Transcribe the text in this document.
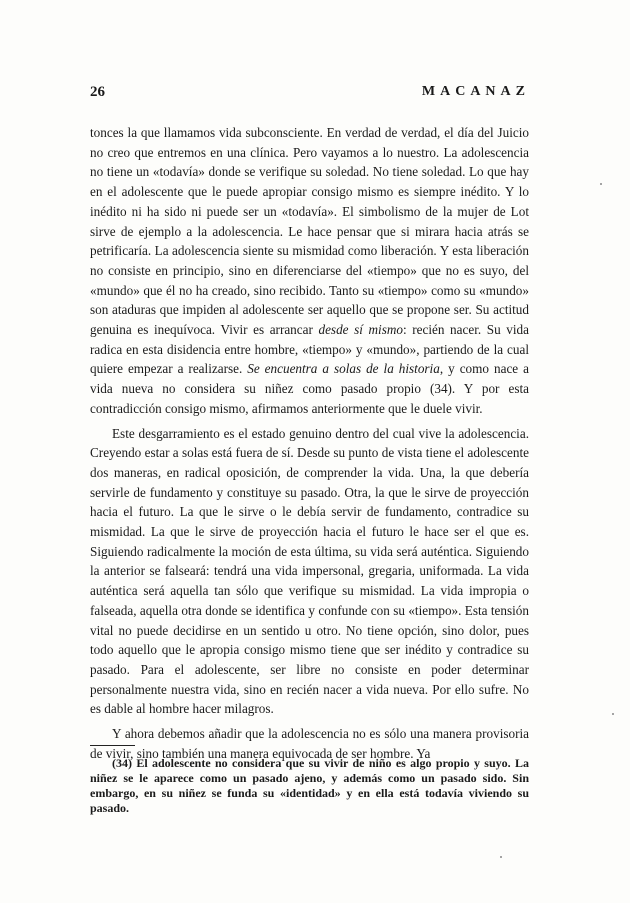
26	MACANAZ

tonces la que llamamos vida subconsciente. En verdad de verdad, el día del Juicio no creo que entremos en una clínica. Pero vayamos a lo nuestro. La adolescencia no tiene un «todavía» donde se verifique su soledad. No tiene soledad. Lo que hay en el adolescente que le puede apropiar consigo mismo es siempre inédito. Y lo inédito ni ha sido ni puede ser un «todavía». El simbolismo de la mujer de Lot sirve de ejemplo a la adolescencia. Le hace pensar que si mirara hacia atrás se petrificaría. La adolescencia siente su mismidad como liberación. Y esta liberación no consiste en principio, sino en diferenciarse del «tiempo» que no es suyo, del «mundo» que él no ha creado, sino recibido. Tanto su «tiempo» como su «mundo» son ataduras que impiden al adolescente ser aquello que se propone ser. Su actitud genuina es inequívoca. Vivir es arrancar desde sí mismo: recién nacer. Su vida radica en esta disidencia entre hombre, «tiempo» y «mundo», partiendo de la cual quiere empezar a realizarse. Se encuentra a solas de la historia, y como nace a vida nueva no considera su niñez como pasado propio (34). Y por esta contradicción consigo mismo, afirmamos anteriormente que le duele vivir.

Este desgarramiento es el estado genuino dentro del cual vive la adolescencia. Creyendo estar a solas está fuera de sí. Desde su punto de vista tiene el adolescente dos maneras, en radical oposición, de comprender la vida. Una, la que debería servirle de fundamento y constituye su pasado. Otra, la que le sirve de proyección hacia el futuro. La que le sirve o le debía servir de fundamento, contradice su mismidad. La que le sirve de proyección hacia el futuro le hace ser el que es. Siguiendo radicalmente la moción de esta última, su vida será auténtica. Siguiendo la anterior se falseará: tendrá una vida impersonal, gregaria, uniformada. La vida auténtica será aquella tan sólo que verifique su mismidad. La vida impropia o falseada, aquella otra donde se identifica y confunde con su «tiempo». Esta tensión vital no puede decidirse en un sentido u otro. No tiene opción, sino dolor, pues todo aquello que le apropia consigo mismo tiene que ser inédito y contradice su pasado. Para el adolescente, ser libre no consiste en poder determinar personalmente nuestra vida, sino en recién nacer a vida nueva. Por ello sufre. No es dable al hombre hacer milagros.

Y ahora debemos añadir que la adolescencia no es sólo una manera provisoria de vivir, sino también una manera equivocada de ser hombre. Ya

(34) El adolescente no considera que su vivir de niño es algo propio y suyo. La niñez se le aparece como un pasado ajeno, y además como un pasado sido. Sin embargo, en su niñez se funda su «identidad» y en ella está todavía viviendo su pasado.
